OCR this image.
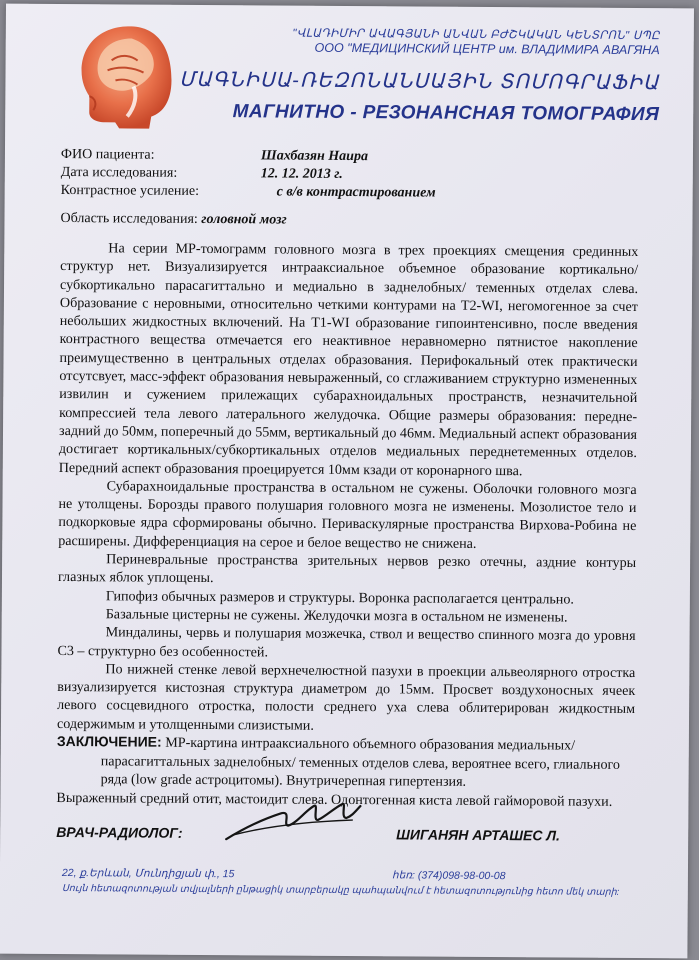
"ՎԼԱԴԻՄԻՐ ԱՎԱԳՅԱՆԻ ԱՆՎԱՆ ԲԺՇԿԱԿԱՆ ԿԵՆՏՐՈՆ" ՍՊԸ
ООО "МЕДИЦИНСКИЙ ЦЕНТР им. ВЛАДИМИРА АВАГЯНА
ՄԱԳՆԻՍԱ-ՌԵԶՈՆԱՆՍԱՅԻՆ ՏՈՄՈԳՐԱՖԻԱ
МАГНИТНО - РЕЗОНАНСНАЯ ТОМОГРАФИЯ
ФИО пациента:	Шахбазян Наира
Дата исследования:	12. 12. 2013 г.
Контрастное усиление:	с в/в контрастированием
Область исследования: головной мозг

На серии МР-томограмм головного мозга в трех проекциях смещения срединных структур нет. Визуализируется интрааксиальное объемное образование кортикально/ субкортикально парасагиттально и медиально в заднелобных/ теменных отделах слева. Образование с неровными, относительно четкими контурами на T2-WI, негомогенное за счет небольших жидкостных включений. На T1-WI образование гипоинтенсивно, после введения контрастного вещества отмечается его неактивное неравномерно пятнистое накопление преимущественно в центральных отделах образования. Перифокальный отек практически отсутсвует, масс-эффект образования невыраженный, со сглаживанием структурно измененных извилин и сужением прилежащих субарахноидальных пространств, незначительной компрессией тела левого латерального желудочка. Общие размеры образования: передне-задний до 50мм, поперечный до 55мм, вертикальный до 46мм. Медиальный аспект образования достигает кортикальных/субкортикальных отделов медиальных переднетеменных отделов. Передний аспект образования проецируется 10мм кзади от коронарного шва.

Субарахноидальные пространства в остальном не сужены. Оболочки головного мозга не утолщены. Борозды правого полушария головного мозга не изменены. Мозолистое тело и подкорковые ядра сформированы обычно. Периваскулярные пространства Вирхова-Робина не расширены. Дифференциация на серое и белое вещество не снижена.

Периневральные пространства зрительных нервов резко отечны, аздние контуры глазных яблок уплощены.

Гипофиз обычных размеров и структуры. Воронка располагается центрально.

Базальные цистерны не сужены. Желудочки мозга в остальном не изменены.

Миндалины, червь и полушария мозжечка, ствол и вещество спинного мозга до уровня С3 – структурно без особенностей.

По нижней стенке левой верхнечелюстной пазухи в проекции альвеолярного отростка визуализируется кистозная структура диаметром до 15мм. Просвет воздухоносных ячеек левого сосцевидного отростка, полости среднего уха слева облитерирован жидкостным содержимым и утолщенными слизистыми.

ЗАКЛЮЧЕНИЕ: МР-картина интрааксиального объемного образования медиальных/
парасагиттальных заднелобных/ теменных отделов слева, вероятнее всего, глиального ряда (low grade астроцитомы). Внутричерепная гипертензия.
Выраженный средний отит, мастоидит слева. Одонтогенная киста левой гайморовой пазухи.
ВРАЧ-РАДИОЛОГ:	ШИГАНЯН АРТАШЕС Л.
22, ք.Երևան, Մունդիցյան փ., 15	հեռ: (374)098-98-00-08
Սույն հետազոտության տվյալների ընթացիկ տարբերակը պահպանվում է հետազոտությունից հետո մեկ տարի:
